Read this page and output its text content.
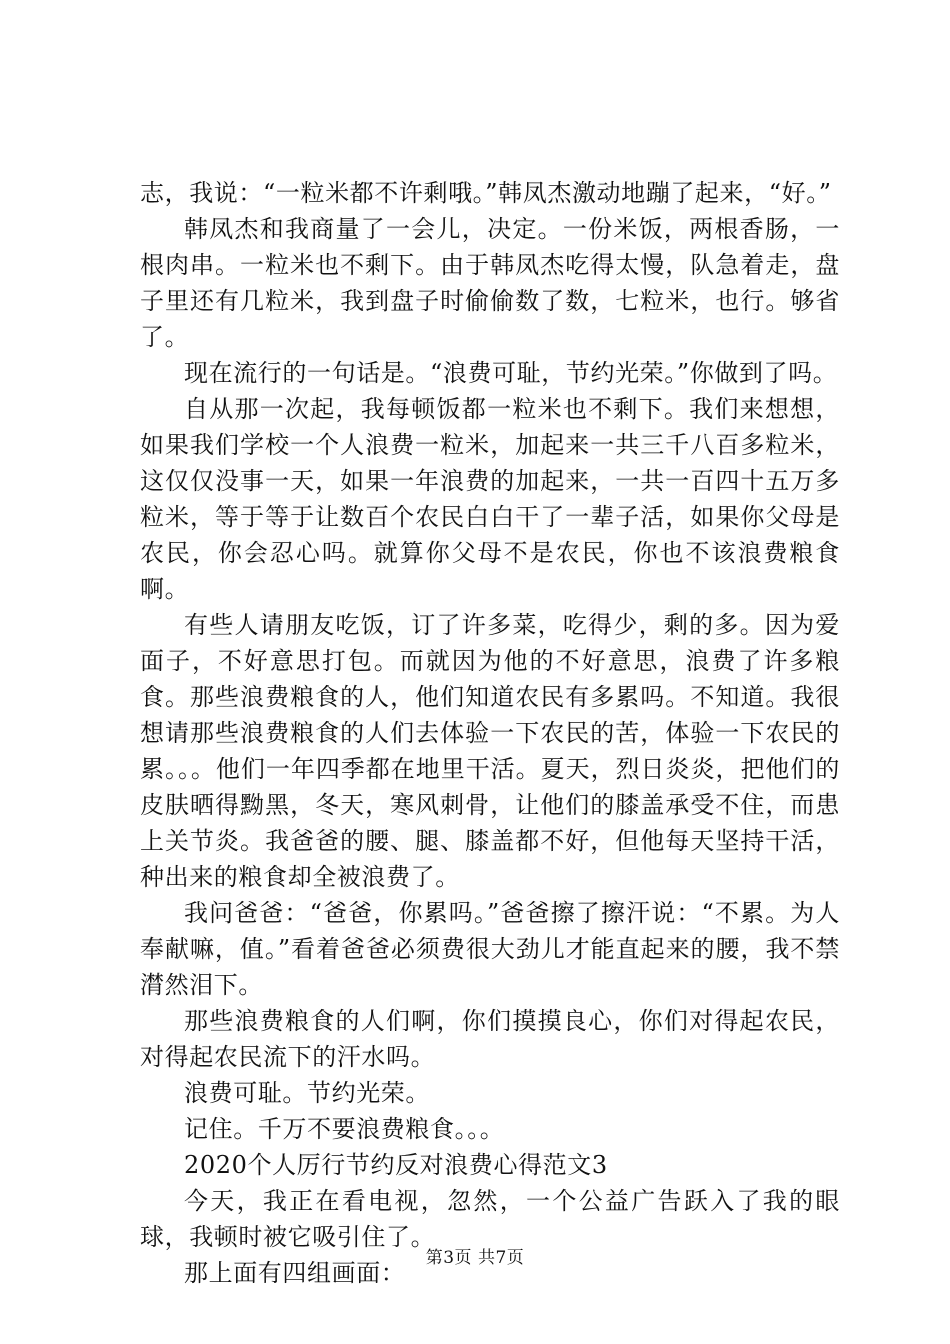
志，我说：“一粒米都不许剩哦。”韩凤杰激动地蹦了起来，“好。”

韩凤杰和我商量了一会儿，决定。一份米饭，两根香肠，一根肉串。一粒米也不剩下。由于韩凤杰吃得太慢，队急着走，盘子里还有几粒米，我到盘子时偷偷数了数，七粒米，也行。够省了。

现在流行的一句话是。“浪费可耻，节约光荣。”你做到了吗。

自从那一次起，我每顿饭都一粒米也不剩下。我们来想想，如果我们学校一个人浪费一粒米，加起来一共三千八百多粒米，这仅仅没事一天，如果一年浪费的加起来，一共一百四十五万多粒米，等于等于让数百个农民白白干了一辈子活，如果你父母是农民，你会忍心吗。就算你父母不是农民，你也不该浪费粮食啊。

有些人请朋友吃饭，订了许多菜，吃得少，剩的多。因为爱面子，不好意思打包。而就因为他的不好意思，浪费了许多粮食。那些浪费粮食的人，他们知道农民有多累吗。不知道。我很想请那些浪费粮食的人们去体验一下农民的苦，体验一下农民的累。。。他们一年四季都在地里干活。夏天，烈日炎炎，把他们的皮肤晒得黝黑，冬天，寒风刺骨，让他们的膝盖承受不住，而患上关节炎。我爸爸的腰、腿、膝盖都不好，但他每天坚持干活，种出来的粮食却全被浪费了。

我问爸爸：“爸爸，你累吗。”爸爸擦了擦汗说：“不累。为人奉献嘛，值。”看着爸爸必须费很大劲儿才能直起来的腰，我不禁潸然泪下。

那些浪费粮食的人们啊，你们摸摸良心，你们对得起农民，对得起农民流下的汗水吗。

浪费可耻。节约光荣。

记住。千万不要浪费粮食。。。

2020个人厉行节约反对浪费心得范文3

今天，我正在看电视，忽然，一个公益广告跃入了我的眼球，我顿时被它吸引住了。

那上面有四组画面：

第3页 共7页
